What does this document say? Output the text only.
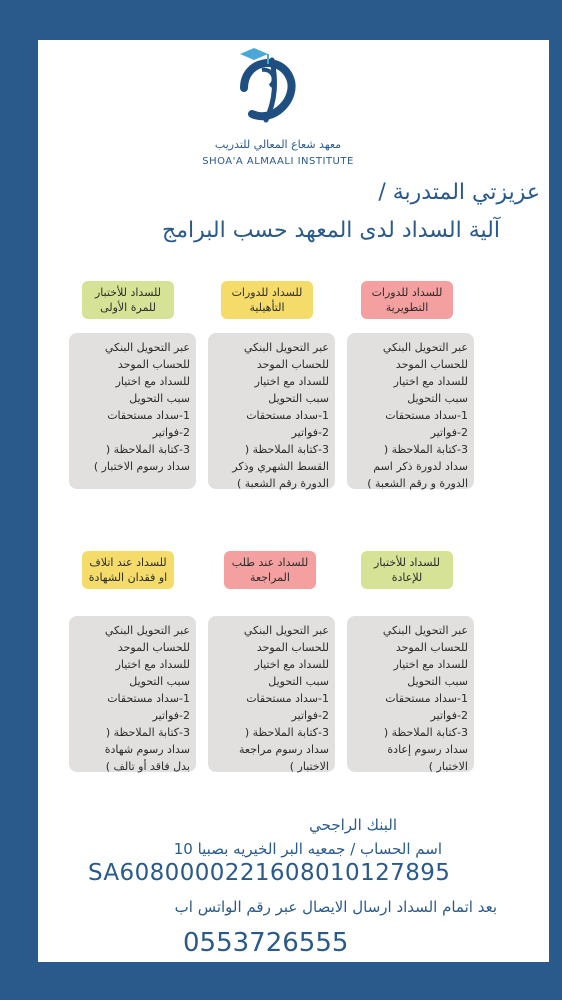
معهد شعاع المعالي للتدريب
SHOA'A ALMAALI INSTITUTE
عزيزتي المتدربة /
آلية السداد لدى المعهد حسب البرامج
للسداد للدورات التطويرية
عبر التحويل البنكي
للحساب الموحد
للسداد مع اختيار
سبب التحويل
1-سداد مستحقات
2-فواتير
3-كتابة الملاحظة (
سداد لدورة ذكر اسم
الدورة و رقم الشعبة )
للسداد للدورات التأهيلية
عبر التحويل البنكي
للحساب الموحد
للسداد مع اختيار
سبب التحويل
1-سداد مستحقات
2-فواتير
3-كتابة الملاحظة (
القسط الشهري وذكر
الدورة رقم الشعبة )
للسداد للأختبار للمرة الأولى
عبر التحويل البنكي
للحساب الموحد
للسداد مع اختيار
سبب التحويل
1-سداد مستحقات
2-فواتير
3-كتابة الملاحظة (
سداد رسوم الاختبار )
للسداد للأختبار للإعادة
عبر التحويل البنكي
للحساب الموحد
للسداد مع اختيار
سبب التحويل
1-سداد مستحقات
2-فواتير
3-كتابة الملاحظة (
سداد رسوم إعادة
الاختبار )
للسداد عند طلب المراجعة
عبر التحويل البنكي
للحساب الموحد
للسداد مع اختيار
سبب التحويل
1-سداد مستحقات
2-فواتير
3-كتابة الملاحظة (
سداد رسوم مراجعة
الاختبار )
للسداد عند اتلاف او فقدان الشهادة
عبر التحويل البنكي
للحساب الموحد
للسداد مع اختيار
سبب التحويل
1-سداد مستحقات
2-فواتير
3-كتابة الملاحظة (
سداد رسوم شهادة
بدل فاقد أو تالف )
البنك الراجحي
اسم الحساب / جمعيه البر الخيريه بصبيا 10
SA6080000221608010127895
بعد اتمام السداد ارسال الايصال عبر رقم الواتس اب
0553726555
